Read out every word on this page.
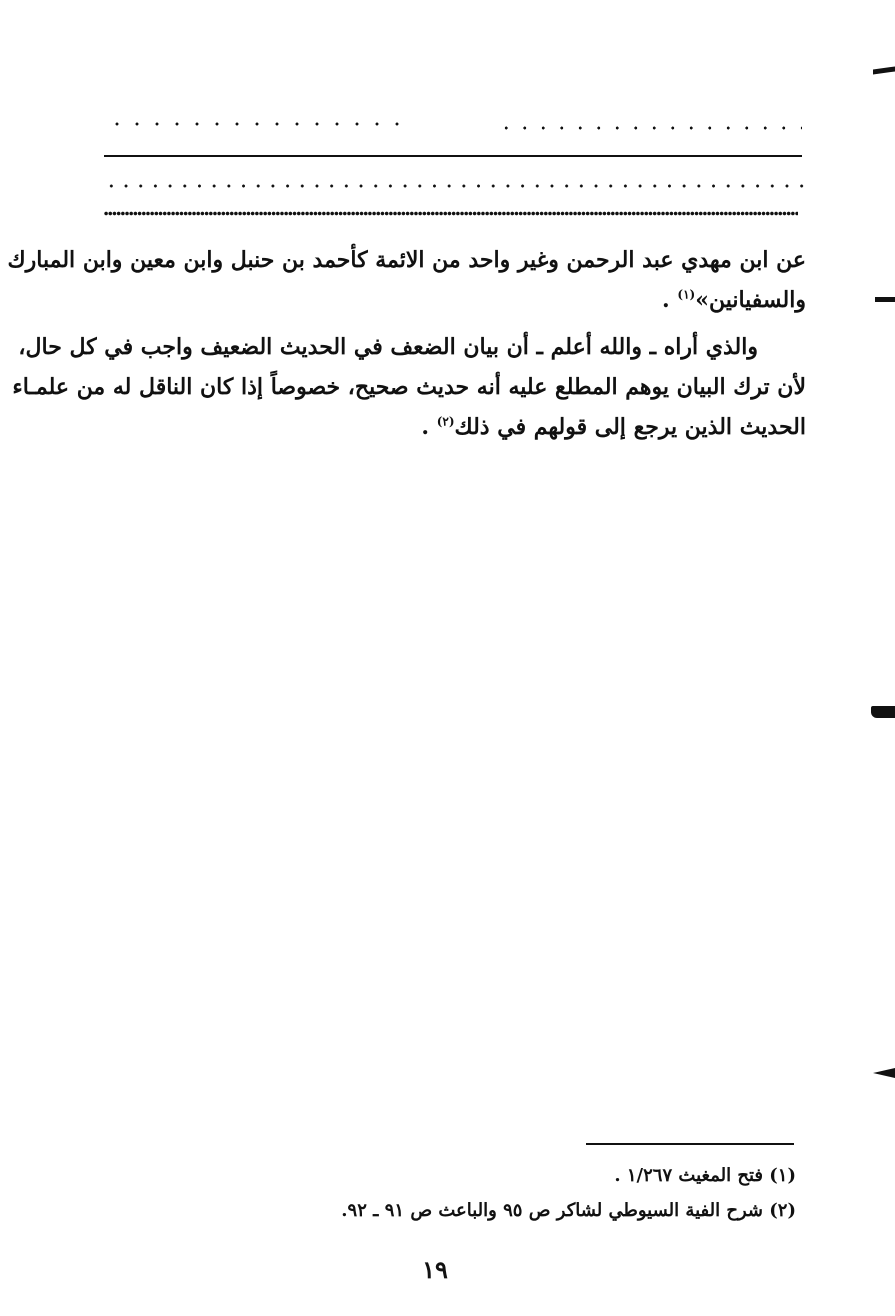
عن ابن مهدي عبد الرحمن وغير واحد من الائمة كأحمد بن حنبل وابن معين وابن المبارك
والسفيانين»$^{(١)}$ .
والذي أراه ـ والله أعلم ـ أن بيان الضعف في الحديث الضعيف واجب في كل حال،
لأن ترك البيان يوهم المطلع عليه أنه حديث صحيح، خصوصاً إذا كان الناقل له من علمـاء
الحديث الذين يرجع إلى قولهم في ذلك$^{(٢)}$ .
(١) فتح المغيث ١/٢٦٧ .
(٢) شرح الفية السيوطي لشاكر ص ٩٥ والباعث ص ٩١ ـ ٩٢.
١٩
